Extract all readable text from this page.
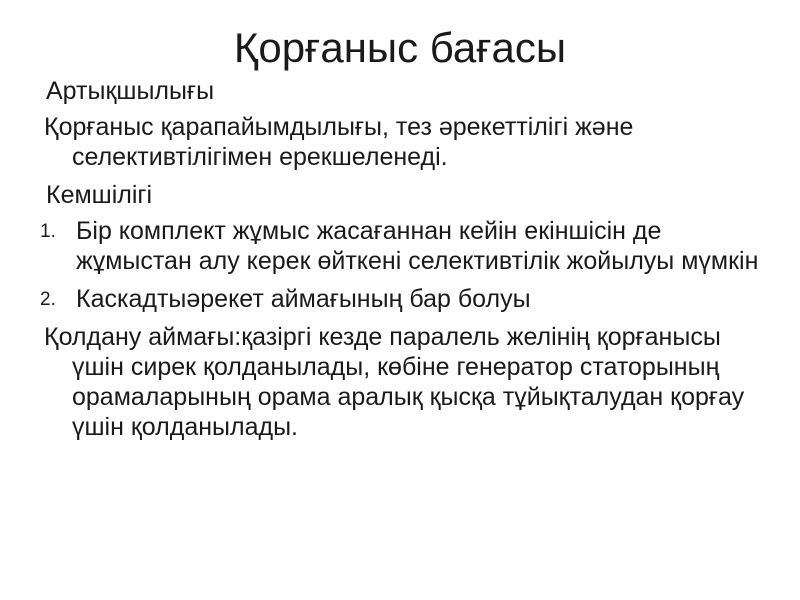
Қорғаныс бағасы

Артықшылығы

Қорғаныс қарапайымдылығы, тез әрекеттілігі және селективтілігімен ерекшеленеді.

Кемшілігі

1. Бір комплект жұмыс жасағаннан кейін екіншісін де жұмыстан алу керек өйткені селективтілік жойылуы мүмкін
2. Каскадтыәрекет аймағының бар болуы

Қолдану аймағы:қазіргі кезде паралель желінің қорғанысы үшін сирек қолданылады, көбіне генератор статорының орамаларының орама аралық қысқа тұйықталудан қорғау үшін қолданылады.
